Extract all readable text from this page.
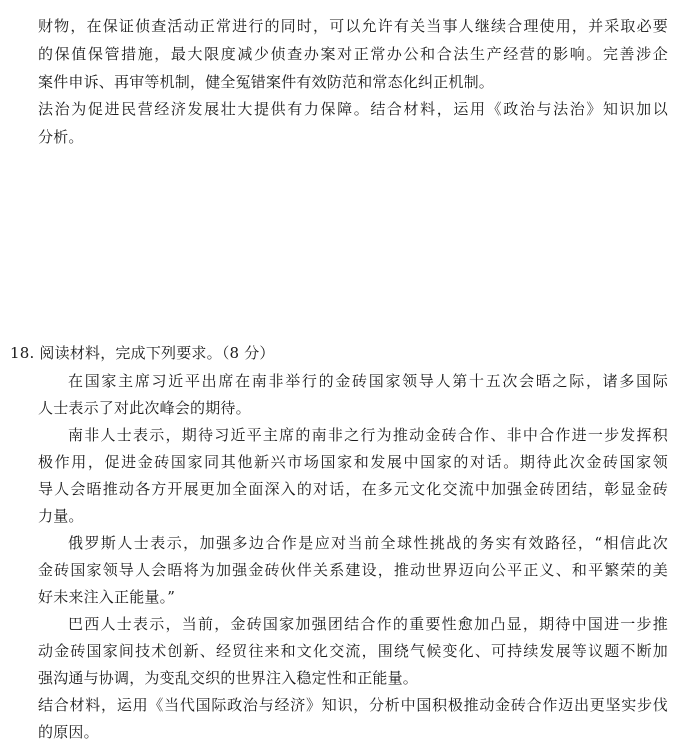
财物，在保证侦查活动正常进行的同时，可以允许有关当事人继续合理使用，并采取必要
的保值保管措施，最大限度减少侦查办案对正常办公和合法生产经营的影响。完善涉企
案件申诉、再审等机制，健全冤错案件有效防范和常态化纠正机制。
法治为促进民营经济发展壮大提供有力保障。结合材料，运用《政治与法治》知识加以
分析。
18. 阅读材料，完成下列要求。（8 分）
在国家主席习近平出席在南非举行的金砖国家领导人第十五次会晤之际，诸多国际
人士表示了对此次峰会的期待。
南非人士表示，期待习近平主席的南非之行为推动金砖合作、非中合作进一步发挥积
极作用，促进金砖国家同其他新兴市场国家和发展中国家的对话。期待此次金砖国家领
导人会晤推动各方开展更加全面深入的对话，在多元文化交流中加强金砖团结，彰显金砖
力量。
俄罗斯人士表示，加强多边合作是应对当前全球性挑战的务实有效路径，“相信此次
金砖国家领导人会晤将为加强金砖伙伴关系建设，推动世界迈向公平正义、和平繁荣的美
好未来注入正能量。”
巴西人士表示，当前，金砖国家加强团结合作的重要性愈加凸显，期待中国进一步推
动金砖国家间技术创新、经贸往来和文化交流，围绕气候变化、可持续发展等议题不断加
强沟通与协调，为变乱交织的世界注入稳定性和正能量。
结合材料，运用《当代国际政治与经济》知识，分析中国积极推动金砖合作迈出更坚实步伐
的原因。
